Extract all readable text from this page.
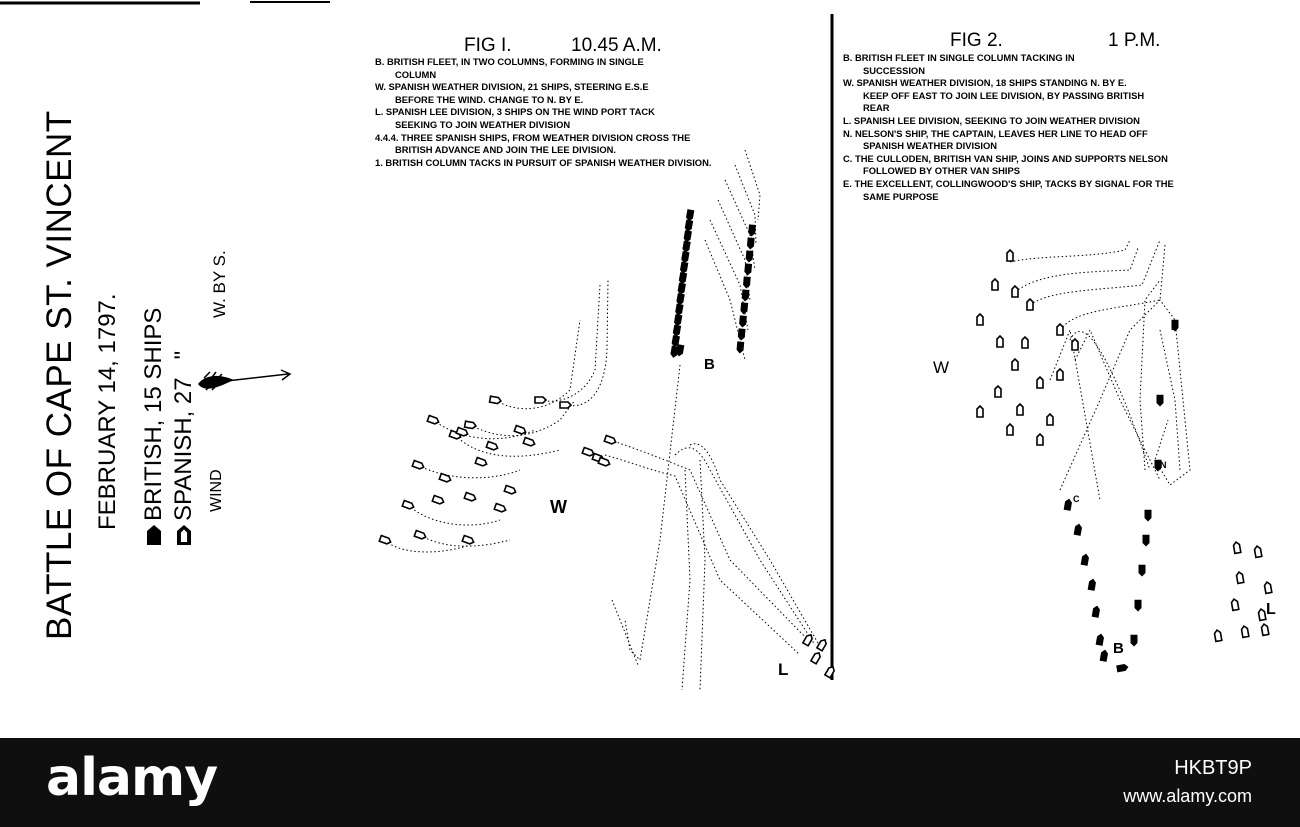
BATTLE OF CAPE ST. VINCENT FEBRUARY 14, 1797. BRITISH, 15 SHIPS SPANISH, 27
"
WIND
W. BY S.
FIG I.	10.45 A.M.
B. BRITISH FLEET, IN TWO COLUMNS, FORMING IN SINGLE
COLUMN
W. SPANISH WEATHER DIVISION, 21 SHIPS, STEERING E.S.E
BEFORE THE WIND. CHANGE TO N. BY E.
L. SPANISH LEE DIVISION, 3 SHIPS ON THE WIND PORT TACK
SEEKING TO JOIN WEATHER DIVISION
4.4.4. THREE SPANISH SHIPS, FROM WEATHER DIVISION CROSS THE
BRITISH ADVANCE AND JOIN THE LEE DIVISION.
1. BRITISH COLUMN TACKS IN PURSUIT OF SPANISH WEATHER DIVISION.
FIG 2.	1 P.M.
B. BRITISH FLEET IN SINGLE COLUMN TACKING IN
SUCCESSION
W. SPANISH WEATHER DIVISION, 18 SHIPS STANDING N. BY E.
KEEP OFF EAST TO JOIN LEE DIVISION, BY PASSING BRITISH
REAR
L. SPANISH LEE DIVISION, SEEKING TO JOIN WEATHER DIVISION
N. NELSON'S SHIP, THE CAPTAIN, LEAVES HER LINE TO HEAD OFF
SPANISH WEATHER DIVISION
C. THE CULLODEN, BRITISH VAN SHIP, JOINS AND SUPPORTS NELSON
FOLLOWED BY OTHER VAN SHIPS
E. THE EXCELLENT, COLLINGWOOD'S SHIP, TACKS BY SIGNAL FOR THE
SAME PURPOSE
B
W
L
W
B
L
N
E
C
alamy	HKBT9P
www.alamy.com
